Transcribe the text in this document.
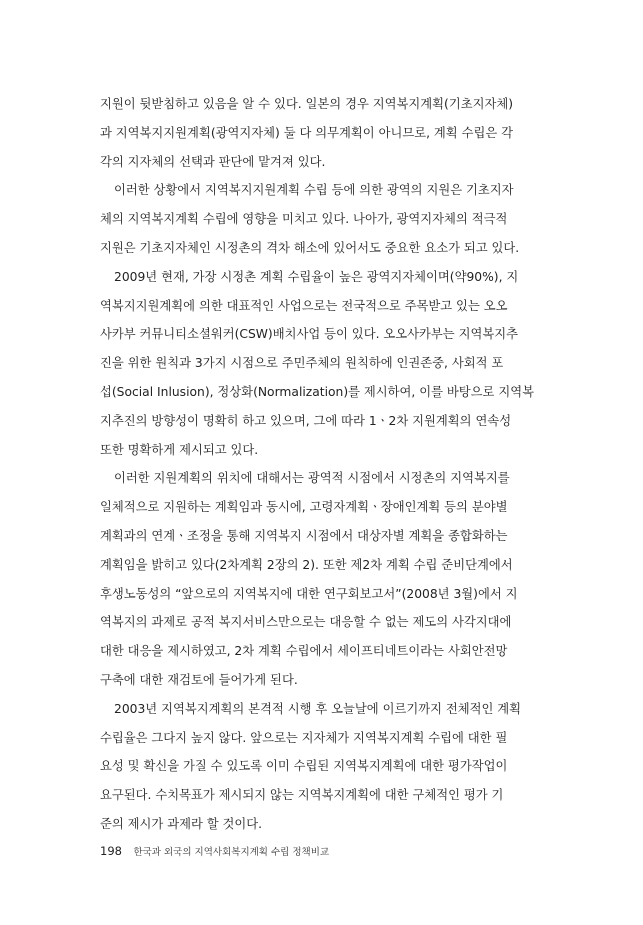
지원이 뒷받침하고 있음을 알 수 있다. 일본의 경우 지역복지계획(기초지자체)
과 지역복지지원계획(광역지자체) 둘 다 의무계획이 아니므로, 계획 수립은 각
각의 지자체의 선택과 판단에 맡겨져 있다.
이러한 상황에서 지역복지지원계획 수립 등에 의한 광역의 지원은 기초지자
체의 지역복지계획 수립에 영향을 미치고 있다. 나아가, 광역지자체의 적극적
지원은 기초지자체인 시정촌의 격차 해소에 있어서도 중요한 요소가 되고 있다.
2009년 현재, 가장 시정촌 계획 수립율이 높은 광역지자체이며(약90%), 지
역복지지원계획에 의한 대표적인 사업으로는 전국적으로 주목받고 있는 오오
사카부 커뮤니티소셜워커(CSW)배치사업 등이 있다. 오오사카부는 지역복지추
진을 위한 원칙과 3가지 시점으로 주민주체의 원칙하에 인권존중, 사회적 포
섭(Social Inlusion), 정상화(Normalization)를 제시하여, 이를 바탕으로 지역복
지추진의 방향성이 명확히 하고 있으며, 그에 따라 1ㆍ2차 지원계획의 연속성
또한 명확하게 제시되고 있다.
이러한 지원계획의 위치에 대해서는 광역적 시점에서 시정촌의 지역복지를
일체적으로 지원하는 계획임과 동시에, 고령자계획ㆍ장애인계획 등의 분야별
계획과의 연계ㆍ조정을 통해 지역복지 시점에서 대상자별 계획을 종합화하는
계획임을 밝히고 있다(2차계획 2장의 2). 또한 제2차 계획 수립 준비단계에서
후생노동성의 “앞으로의 지역복지에 대한 연구회보고서”(2008년 3월)에서 지
역복지의 과제로 공적 복지서비스만으로는 대응할 수 없는 제도의 사각지대에
대한 대응을 제시하였고, 2차 계획 수립에서 세이프티네트이라는 사회안전망
구축에 대한 재검토에 들어가게 된다.
2003년 지역복지계획의 본격적 시행 후 오늘날에 이르기까지 전체적인 계획
수립율은 그다지 높지 않다. 앞으로는 지자체가 지역복지계획 수립에 대한 필
요성 및 확신을 가질 수 있도록 이미 수립된 지역복지계획에 대한 평가작업이
요구된다. 수치목표가 제시되지 않는 지역복지계획에 대한 구체적인 평가 기
준의 제시가 과제라 할 것이다.
198 한국과 외국의 지역사회복지계획 수립 정책비교
